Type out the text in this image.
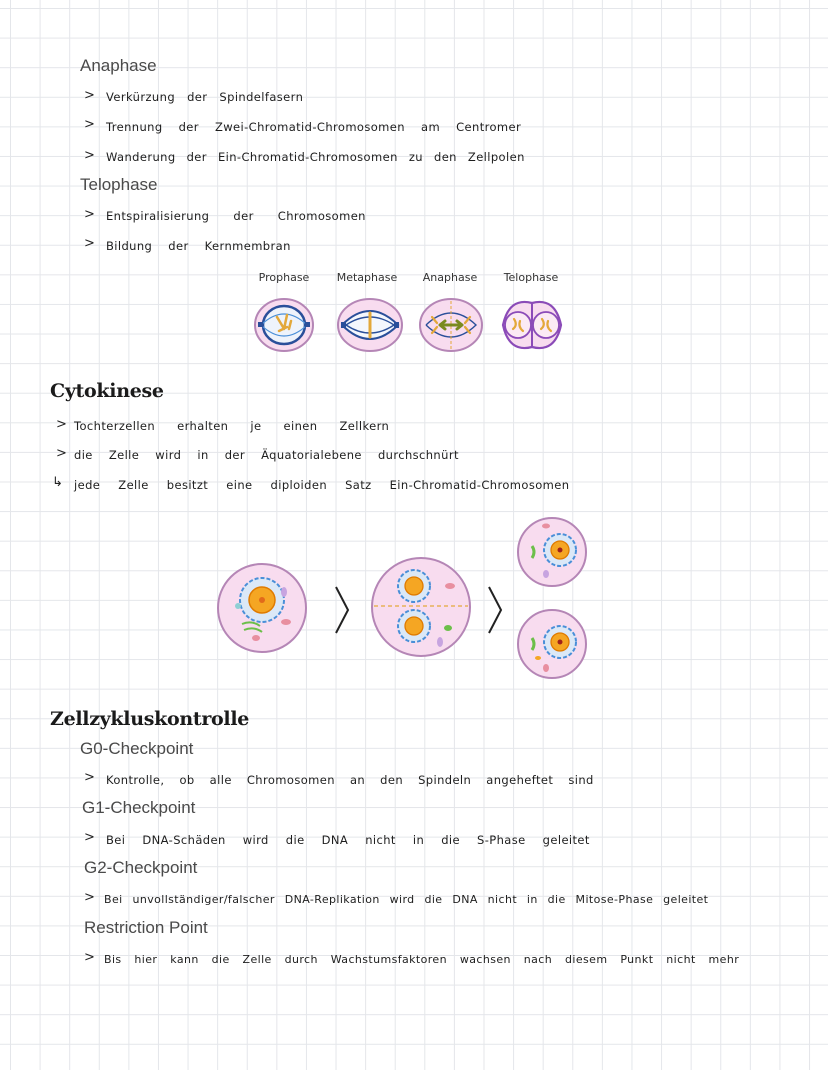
Anaphase
> Verkürzung der Spindelfasern
> Trennung der Zwei-Chromatid-Chromosomen am Centromer
> Wanderung der Ein-Chromatid-Chromosomen zu den Zellpolen
Telophase
> Entspiralisierung der Chromosomen
> Bildung der Kernmembran
Prophase	Metaphase	Anaphase	Telophase
Cytokinese
> Tochterzellen erhalten je einen Zellkern
> die Zelle wird in der Äquatorialebene durchschnürt
↳ jede Zelle besitzt eine diploiden Satz Ein-Chromatid-Chromosomen
Zellzykluskontrolle
G0-Checkpoint
> Kontrolle, ob alle Chromosomen an den Spindeln angeheftet sind
G1-Checkpoint
> Bei DNA-Schäden wird die DNA nicht in die S-Phase geleitet
G2-Checkpoint
> Bei unvollständiger/falscher DNA-Replikation wird die DNA nicht in die Mitose-Phase geleitet
Restriction Point
> Bis hier kann die Zelle durch Wachstumsfaktoren wachsen nach diesem Punkt nicht mehr
